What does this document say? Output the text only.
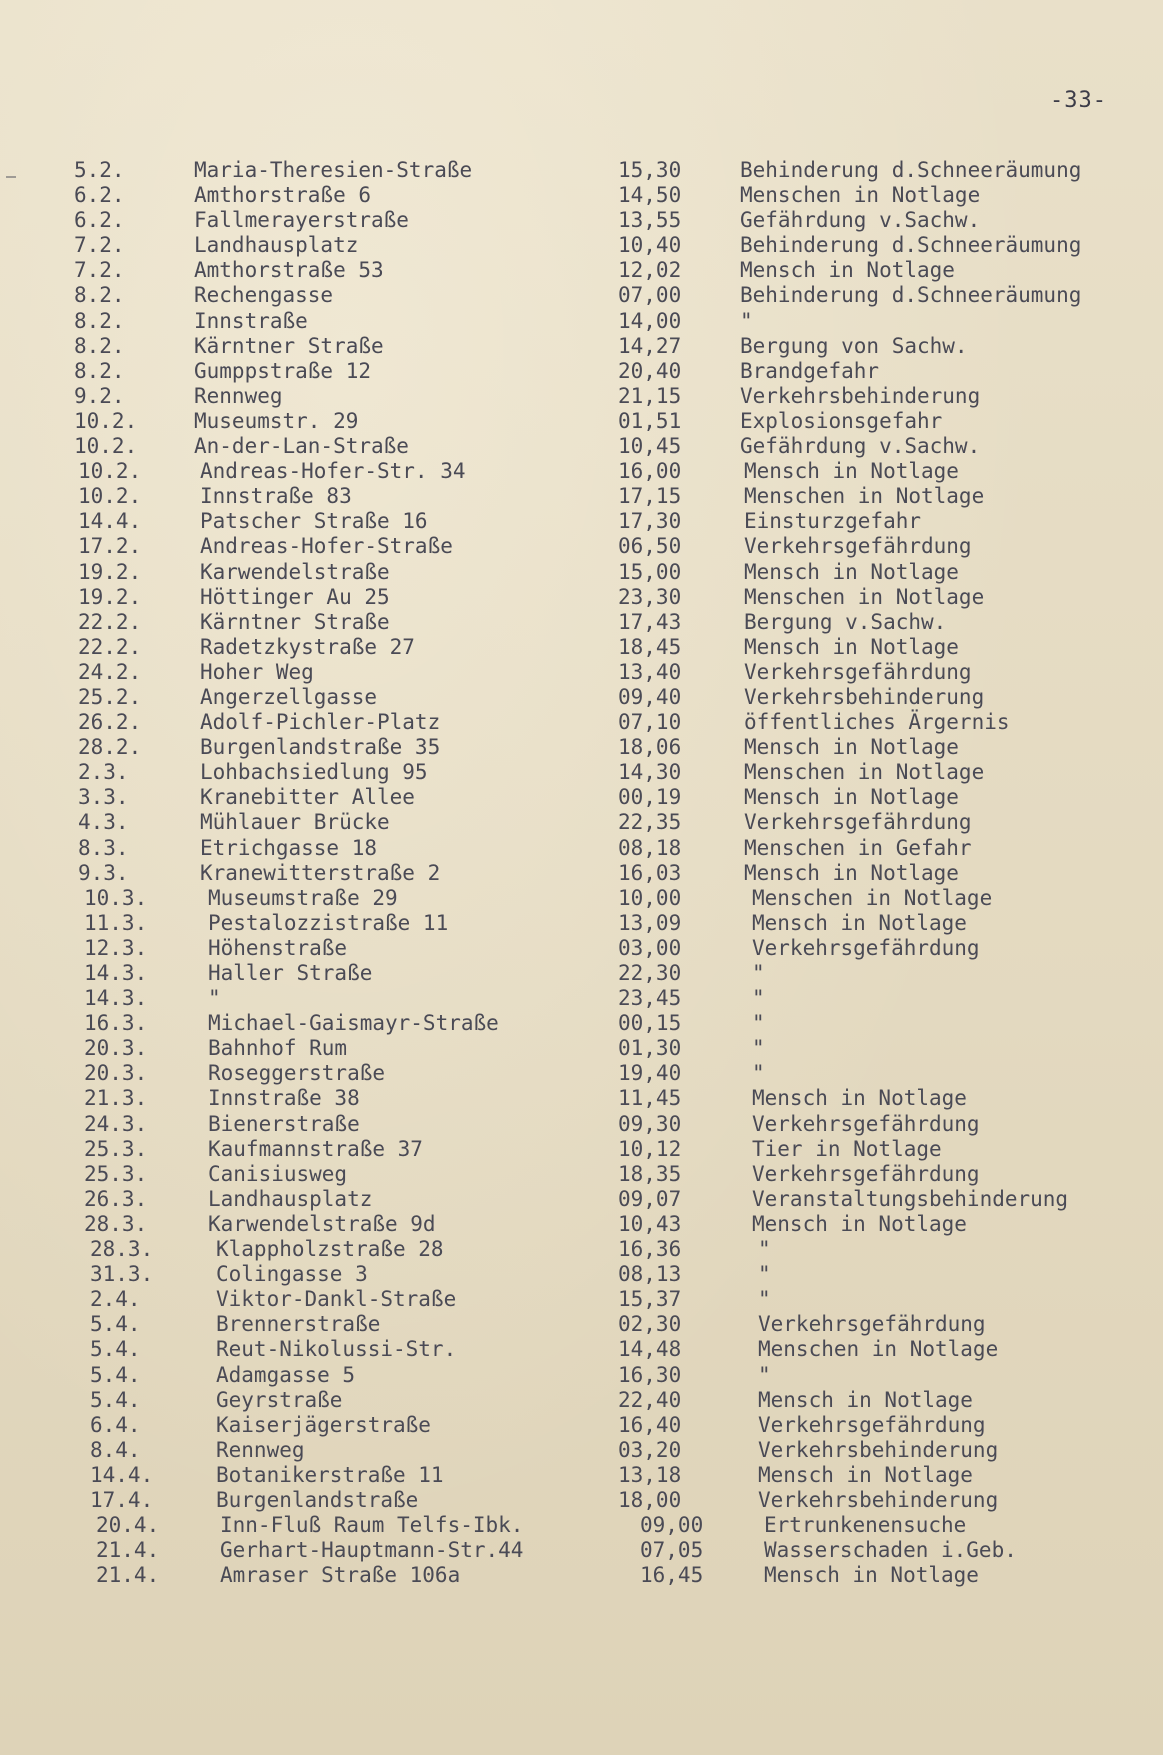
-33-
5.2.	Maria-Theresien-Straße	15,30	Behinderung d.Schneeräumung
6.2.	Amthorstraße 6	14,50	Menschen in Notlage
6.2.	Fallmerayerstraße	13,55	Gefährdung v.Sachw.
7.2.	Landhausplatz	10,40	Behinderung d.Schneeräumung
7.2.	Amthorstraße 53	12,02	Mensch in Notlage
8.2.	Rechengasse	07,00	Behinderung d.Schneeräumung
8.2.	Innstraße	14,00	"
8.2.	Kärntner Straße	14,27	Bergung von Sachw.
8.2.	Gumppstraße 12	20,40	Brandgefahr
9.2.	Rennweg	21,15	Verkehrsbehinderung
10.2.	Museumstr. 29	01,51	Explosionsgefahr
10.2.	An-der-Lan-Straße	10,45	Gefährdung v.Sachw.
10.2.	Andreas-Hofer-Str. 34	16,00	Mensch in Notlage
10.2.	Innstraße 83	17,15	Menschen in Notlage
14.4.	Patscher Straße 16	17,30	Einsturzgefahr
17.2.	Andreas-Hofer-Straße	06,50	Verkehrsgefährdung
19.2.	Karwendelstraße	15,00	Mensch in Notlage
19.2.	Höttinger Au 25	23,30	Menschen in Notlage
22.2.	Kärntner Straße	17,43	Bergung v.Sachw.
22.2.	Radetzkystraße 27	18,45	Mensch in Notlage
24.2.	Hoher Weg	13,40	Verkehrsgefährdung
25.2.	Angerzellgasse	09,40	Verkehrsbehinderung
26.2.	Adolf-Pichler-Platz	07,10	öffentliches Ärgernis
28.2.	Burgenlandstraße 35	18,06	Mensch in Notlage
2.3.	Lohbachsiedlung 95	14,30	Menschen in Notlage
3.3.	Kranebitter Allee	00,19	Mensch in Notlage
4.3.	Mühlauer Brücke	22,35	Verkehrsgefährdung
8.3.	Etrichgasse 18	08,18	Menschen in Gefahr
9.3.	Kranewitterstraße 2	16,03	Mensch in Notlage
10.3.	Museumstraße 29	10,00	Menschen in Notlage
11.3.	Pestalozzistraße 11	13,09	Mensch in Notlage
12.3.	Höhenstraße	03,00	Verkehrsgefährdung
14.3.	Haller Straße	22,30	"
14.3.	"	23,45	"
16.3.	Michael-Gaismayr-Straße	00,15	"
20.3.	Bahnhof Rum	01,30	"
20.3.	Roseggerstraße	19,40	"
21.3.	Innstraße 38	11,45	Mensch in Notlage
24.3.	Bienerstraße	09,30	Verkehrsgefährdung
25.3.	Kaufmannstraße 37	10,12	Tier in Notlage
25.3.	Canisiusweg	18,35	Verkehrsgefährdung
26.3.	Landhausplatz	09,07	Veranstaltungsbehinderung
28.3.	Karwendelstraße 9d	10,43	Mensch in Notlage
28.3.	Klappholzstraße 28	16,36	"
31.3.	Colingasse 3	08,13	"
2.4.	Viktor-Dankl-Straße	15,37	"
5.4.	Brennerstraße	02,30	Verkehrsgefährdung
5.4.	Reut-Nikolussi-Str.	14,48	Menschen in Notlage
5.4.	Adamgasse 5	16,30	"
5.4.	Geyrstraße	22,40	Mensch in Notlage
6.4.	Kaiserjägerstraße	16,40	Verkehrsgefährdung
8.4.	Rennweg	03,20	Verkehrsbehinderung
14.4.	Botanikerstraße 11	13,18	Mensch in Notlage
17.4.	Burgenlandstraße	18,00	Verkehrsbehinderung
20.4.	Inn-Fluß Raum Telfs-Ibk.	09,00	Ertrunkenensuche
21.4.	Gerhart-Hauptmann-Str.44	07,05	Wasserschaden i.Geb.
21.4.	Amraser Straße 106a	16,45	Mensch in Notlage
